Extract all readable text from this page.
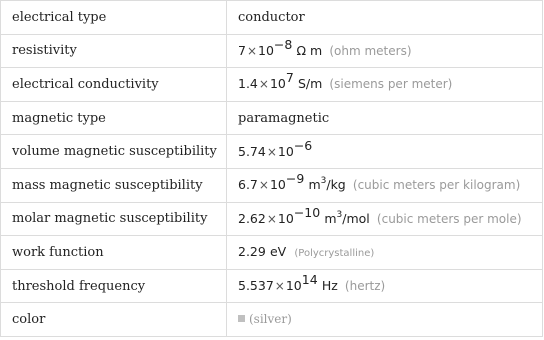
electrical type	conductor
resistivity	$7\times 10^{-8}$ Ω m (ohm meters)
electrical conductivity	$1.4\times 10^7$ S/m (siemens per meter)
magnetic type	paramagnetic
volume magnetic susceptibility	$5.74\times 10^{-6}$
mass magnetic susceptibility	$6.7\times 10^{-9}$ $m^3/kg$ (cubic meters per kilogram)
molar magnetic susceptibility	$2.62\times 10^{-10}$ $m^3$/mol (cubic meters per mole)
work function	2.29 eV (Polycrystalline)
threshold frequency	$5.537\times 10^{14}$ Hz (hertz)
color	(silver)
